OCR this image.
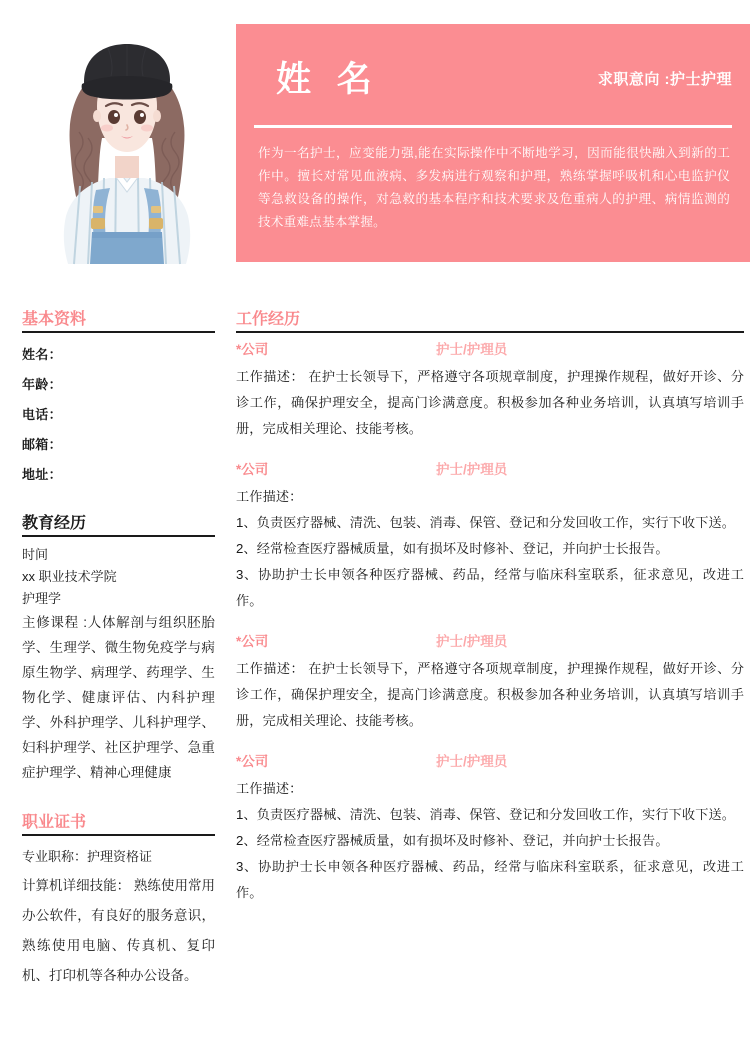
姓 名	求职意向 :护士护理
作为一名护士，应变能力强,能在实际操作中不断地学习，因而能很快融入到新的工作中。擅长对常见血液病、多发病进行观察和护理，熟练掌握呼吸机和心电监护仪等急救设备的操作，对急救的基本程序和技术要求及危重病人的护理、病情监测的技术重难点基本掌握。
基本资料
姓名：
年龄：
电话：
邮箱：
地址：
教育经历
时间
xx 职业技术学院
护理学
主修课程 :人体解剖与组织胚胎学、生理学、微生物免疫学与病原生物学、病理学、药理学、生物化学、健康评估、内科护理学、外科护理学、儿科护理学、妇科护理学、社区护理学、急重症护理学、精神心理健康
职业证书
专业职称：护理资格证
计算机详细技能： 熟练使用常用办公软件，有良好的服务意识，熟练使用电脑、传真机、复印机、打印机等各种办公设备。
工作经历
*公司	护士/护理员
工作描述： 在护士长领导下，严格遵守各项规章制度，护理操作规程，做好开诊、分诊工作，确保护理安全，提高门诊满意度。积极参加各种业务培训，认真填写培训手册，完成相关理论、技能考核。
*公司	护士/护理员
工作描述：
1、负责医疗器械、清洗、包装、消毒、保管、登记和分发回收工作，实行下收下送。
2、经常检查医疗器械质量，如有损坏及时修补、登记，并向护士长报告。
3、协助护士长申领各种医疗器械、药品，经常与临床科室联系，征求意见，改进工作。
*公司	护士/护理员
工作描述： 在护士长领导下，严格遵守各项规章制度，护理操作规程，做好开诊、分诊工作，确保护理安全，提高门诊满意度。积极参加各种业务培训，认真填写培训手册，完成相关理论、技能考核。
*公司	护士/护理员
工作描述：
1、负责医疗器械、清洗、包装、消毒、保管、登记和分发回收工作，实行下收下送。
2、经常检查医疗器械质量，如有损坏及时修补、登记，并向护士长报告。
3、协助护士长申领各种医疗器械、药品，经常与临床科室联系，征求意见，改进工作。
